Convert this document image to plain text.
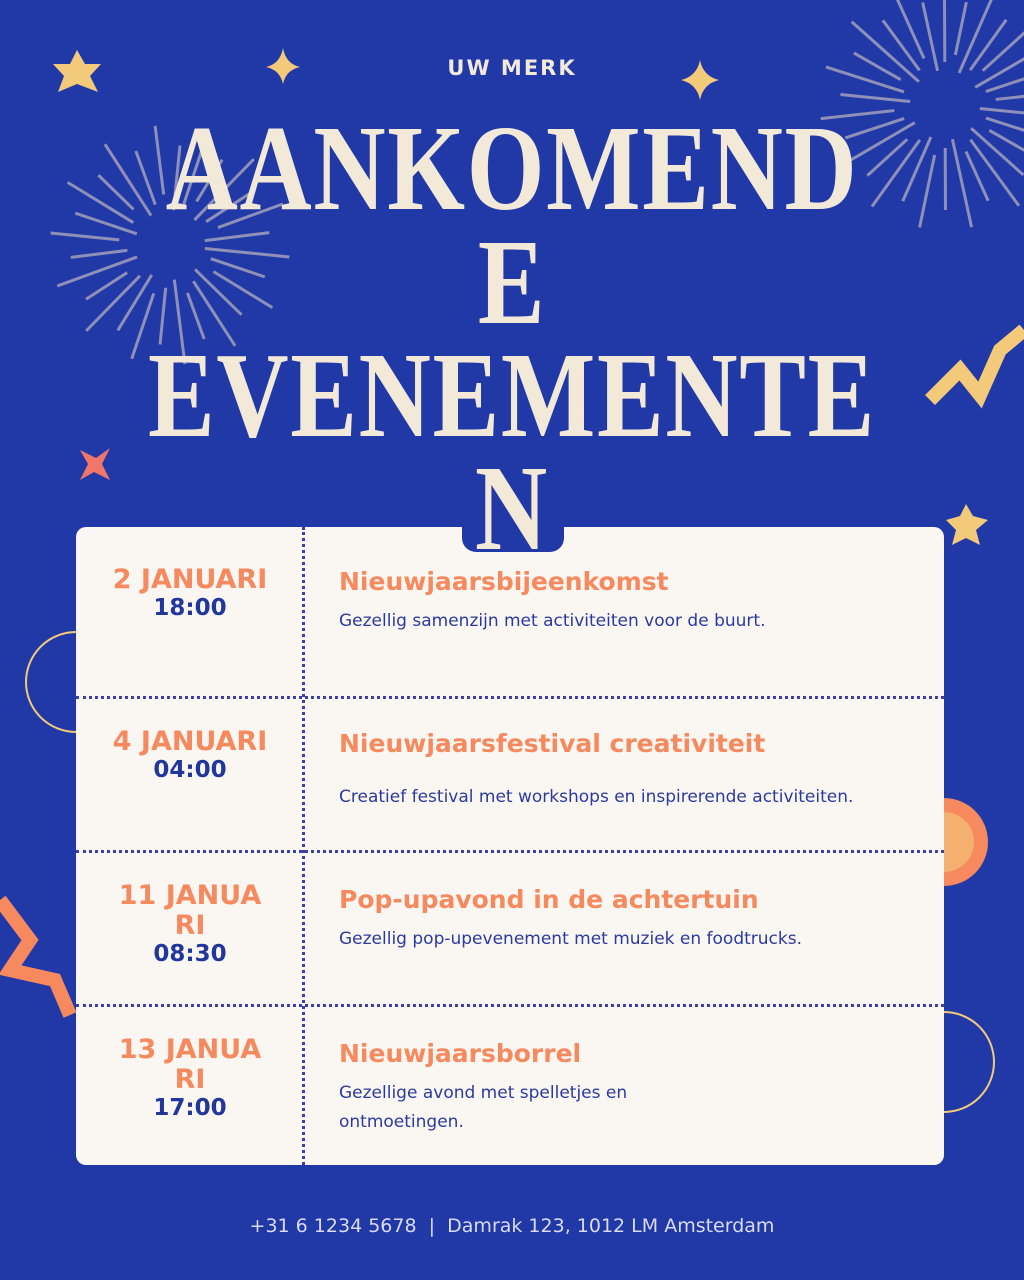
UW MERK
AANKOMEND
E
EVENEMENTE
N
2 JANUARI
18:00
Nieuwjaarsbijeenkomst
Gezellig samenzijn met activiteiten voor de buurt.
4 JANUARI
04:00
Nieuwjaarsfestival creativiteit
Creatief festival met workshops en inspirerende activiteiten.
11 JANUARI
08:30
Pop-upavond in de achtertuin
Gezellig pop-upevenement met muziek en foodtrucks.
13 JANUARI
17:00
Nieuwjaarsborrel
Gezellige avond met spelletjes en ontmoetingen.
+31 6 1234 5678 | Damrak 123, 1012 LM Amsterdam
